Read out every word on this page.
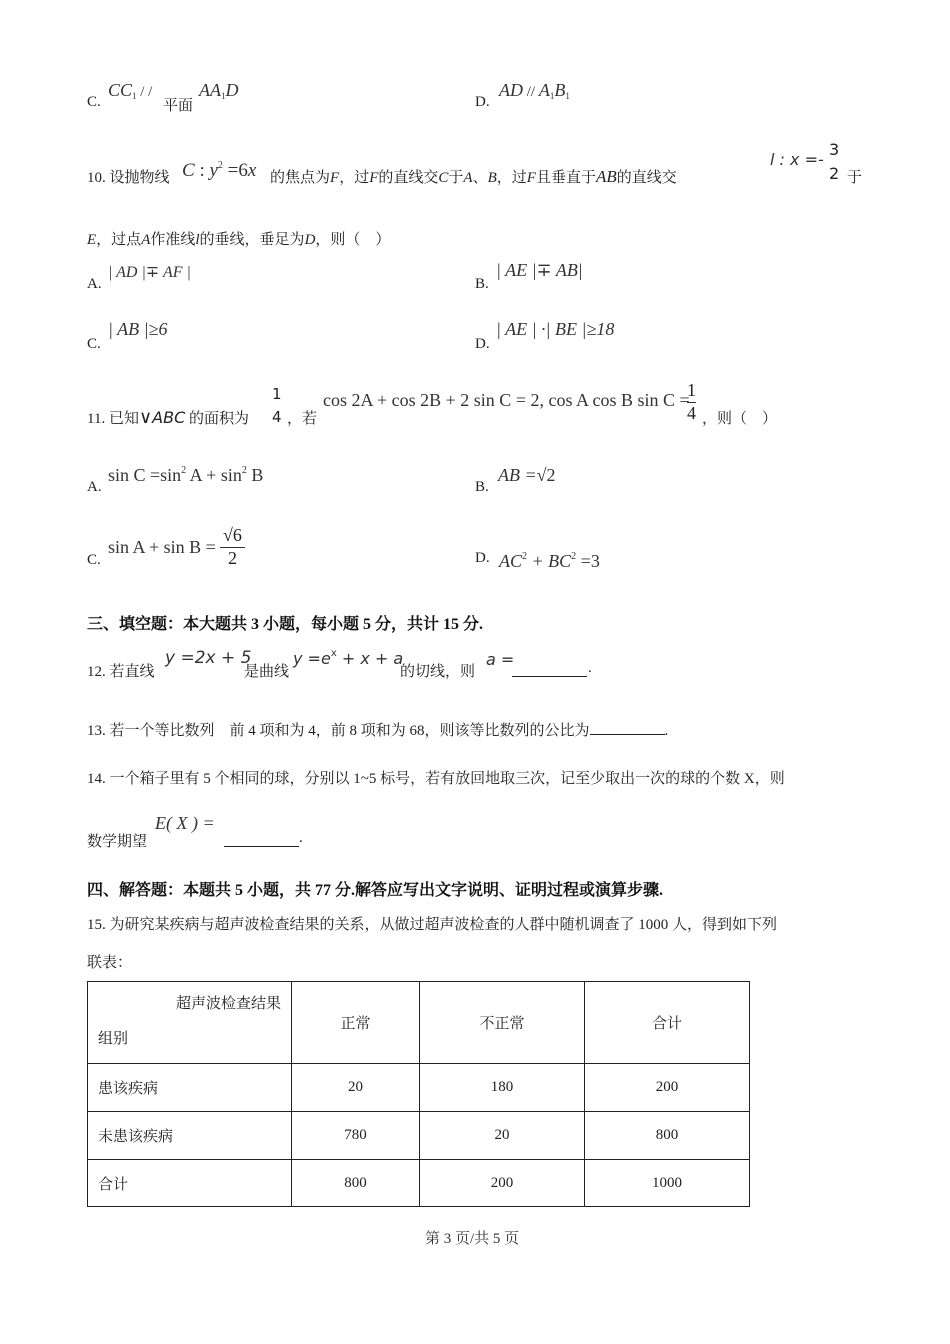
C.
$CC_1$ / /
平面
$AA_1D$
D.
AD // $A_1B_1$
10. 设抛物线 C : $y^2 =6x$ 的焦点为F，过F的直线交C于A、B，过F且垂直于AB的直线交
l : x =-
3
2 于
E，过点A作准线l的垂线，垂足为D，则（　）
A.
| AD |∓ AF |
B.
| AE |∓ AB|
C.
| AB |≥6
D.
| AE | ·| BE |≥18
11. 已知∨ABC 的面积为
1
4 ，若
cos 2A + cos 2B + 2 sin C = 2, cos A cos B sin C =
1
4 ，则（　）
A.
$\sin C =\sin^2$ $A + \sin^2 B$
B.
AB =√2
C.
sin A + sin B =
√6
2	D. $AC^2 + BC^2 =3$
三、填空题：本大题共 3 小题，每小题 5 分，共计 15 分.
12. 若直线
y =2x + 5
是曲线
$y =e^x + x + a$
的切线，则
a =	.
13. 若一个等比数列　前 4 项和为 4，前 8 项和为 68，则该等比数列的公比为	.
14. 一个箱子里有 5 个相同的球，分别以 1~5 标号，若有放回地取三次，记至少取出一次的球的个数 X，则
数学期望
E( X ) =
.
四、解答题：本题共 5 小题，共 77 分.解答应写出文字说明、证明过程或演算步骤.
15. 为研究某疾病与超声波检查结果的关系，从做过超声波检查的人群中随机调查了 1000 人，得到如下列
联表：
超声波检查结果
组别	正常	不正常	合计
患该疾病	20	180	200
未患该疾病	780	20	800
合计	800	200	1000
第 3 页/共 5 页
